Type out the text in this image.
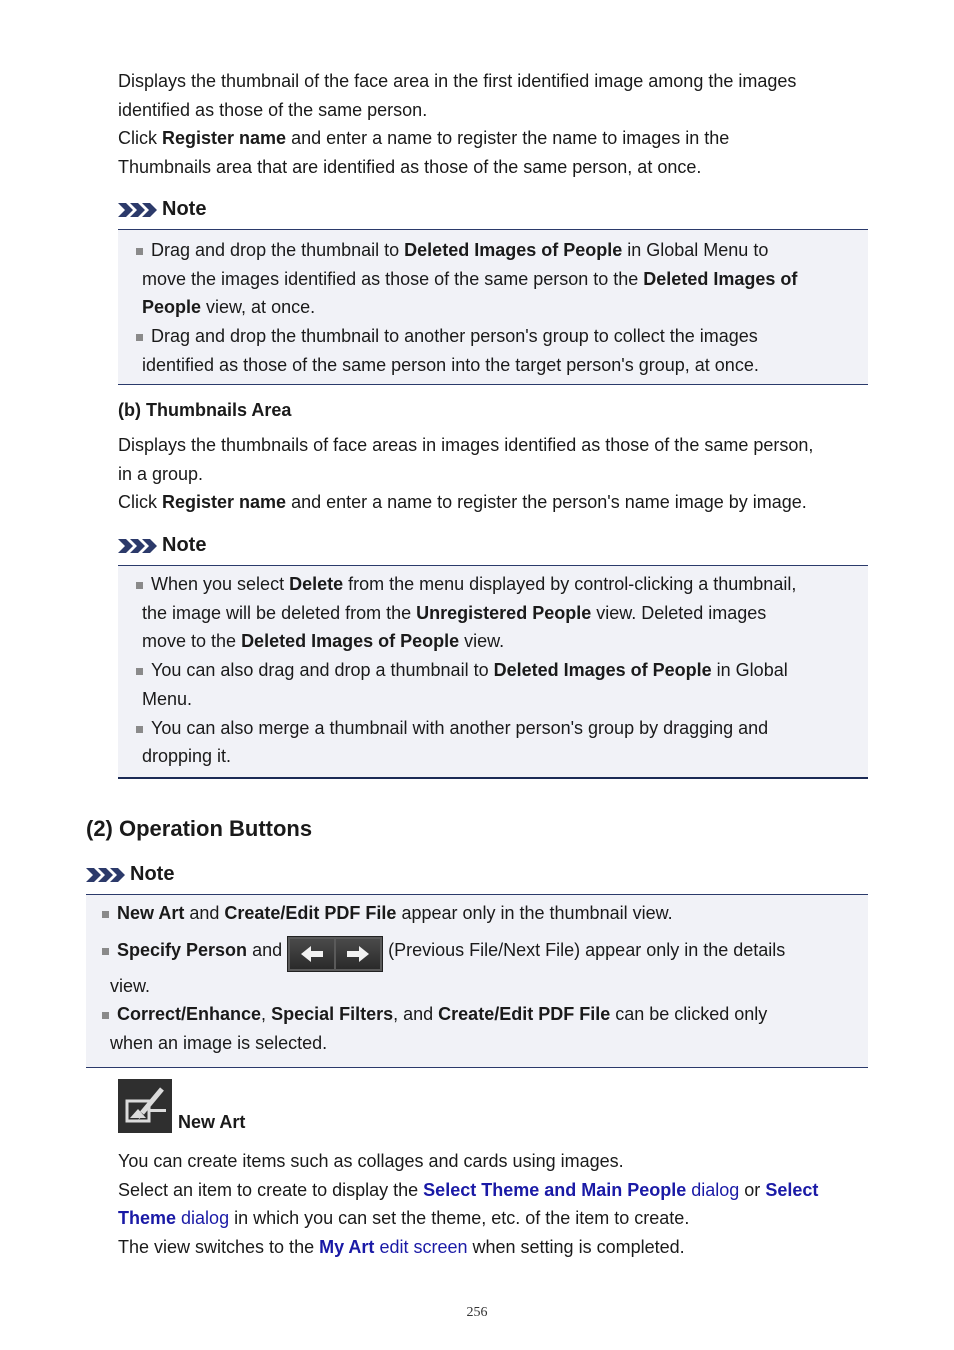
Displays the thumbnail of the face area in the first identified image among the images

identified as those of the same person.

Click Register name and enter a name to register the name to images in the

Thumbnails area that are identified as those of the same person, at once.

Note
Drag and drop the thumbnail to Deleted Images of People in Global Menu to
move the images identified as those of the same person to the Deleted Images of
People view, at once.
Drag and drop the thumbnail to another person's group to collect the images
identified as those of the same person into the target person's group, at once.
(b) Thumbnails Area

Displays the thumbnails of face areas in images identified as those of the same person,

in a group.

Click Register name and enter a name to register the person's name image by image.

Note
When you select Delete from the menu displayed by control-clicking a thumbnail,
the image will be deleted from the Unregistered People view. Deleted images
move to the Deleted Images of People view.
You can also drag and drop a thumbnail to Deleted Images of People in Global
Menu.
You can also merge a thumbnail with another person's group by dragging and
dropping it.
(2) Operation Buttons
Note
New Art and Create/Edit PDF File appear only in the thumbnail view.
Specify Person and	(Previous File/Next File) appear only in the details
view.
Correct/Enhance, Special Filters, and Create/Edit PDF File can be clicked only
when an image is selected.
New Art

You can create items such as collages and cards using images.

Select an item to create to display the Select Theme and Main People dialog or Select

Theme dialog in which you can set the theme, etc. of the item to create.

The view switches to the My Art edit screen when setting is completed.

256
